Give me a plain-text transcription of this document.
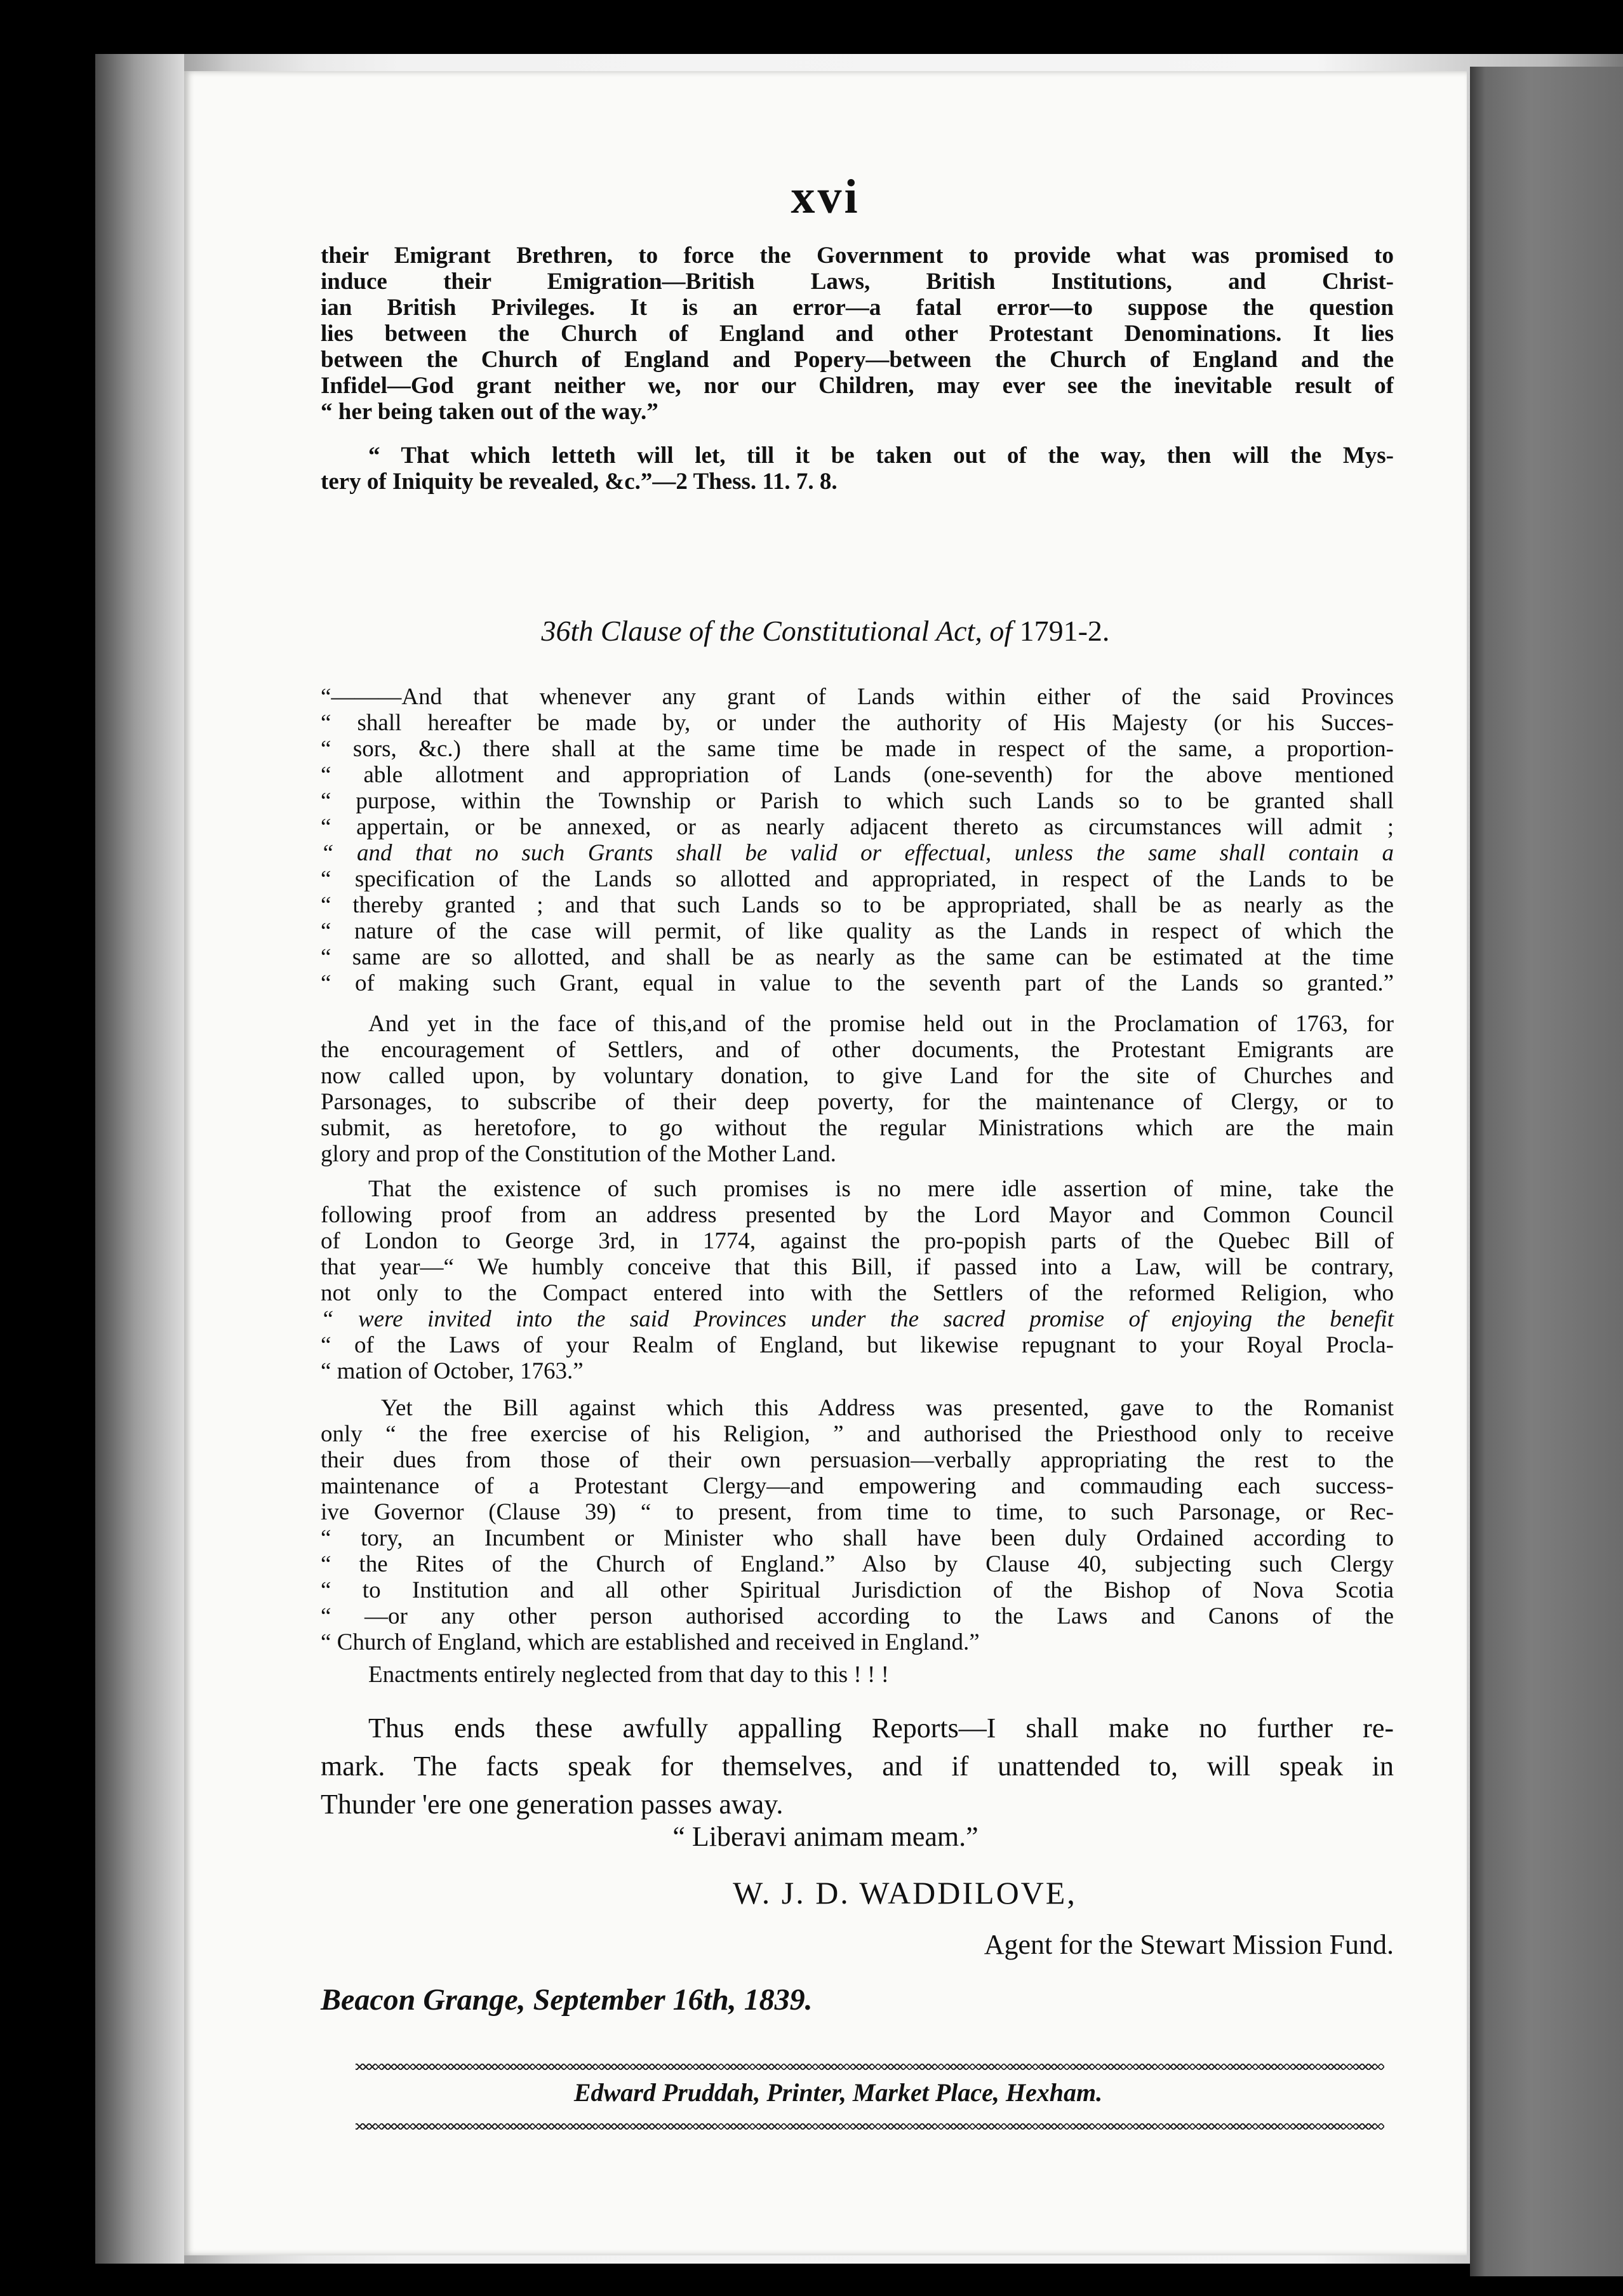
xvi

their Emigrant Brethren, to force the Government to provide what was promised to

induce their Emigration—British Laws, British Institutions, and Christ-

ian British Privileges. It is an error—a fatal error—to suppose the question

lies between the Church of England and other Protestant Denominations. It lies

between the Church of England and Popery—between the Church of England and the

Infidel—God grant neither we, nor our Children, may ever see the inevitable result of

“ her being taken out of the way.”

“ That which letteth will let, till it be taken out of the way, then will the Mys-

tery of Iniquity be revealed, &c.”—2 Thess. 11. 7. 8.

36th Clause of the Constitutional Act, of 1791-2.

“———And that whenever any grant of Lands within either of the said Provinces

“ shall hereafter be made by, or under the authority of His Majesty (or his Succes-

“ sors, &c.) there shall at the same time be made in respect of the same, a proportion-

“ able allotment and appropriation of Lands (one-seventh) for the above mentioned

“ purpose, within the Township or Parish to which such Lands so to be granted shall

“ appertain, or be annexed, or as nearly adjacent thereto as circumstances will admit ;

“ and that no such Grants shall be valid or effectual, unless the same shall contain a

“ specification of the Lands so allotted and appropriated, in respect of the Lands to be

“ thereby granted ; and that such Lands so to be appropriated, shall be as nearly as the

“ nature of the case will permit, of like quality as the Lands in respect of which the

“ same are so allotted, and shall be as nearly as the same can be estimated at the time

“ of making such Grant, equal in value to the seventh part of the Lands so granted.”

And yet in the face of this,and of the promise held out in the Proclamation of 1763, for

the encouragement of Settlers, and of other documents, the Protestant Emigrants are

now called upon, by voluntary donation, to give Land for the site of Churches and

Parsonages, to subscribe of their deep poverty, for the maintenance of Clergy, or to

submit, as heretofore, to go without the regular Ministrations which are the main

glory and prop of the Constitution of the Mother Land.

That the existence of such promises is no mere idle assertion of mine, take the

following proof from an address presented by the Lord Mayor and Common Council

of London to George 3rd, in 1774, against the pro-popish parts of the Quebec Bill of

that year—“ We humbly conceive that this Bill, if passed into a Law, will be contrary,

not only to the Compact entered into with the Settlers of the reformed Religion, who

“ were invited into the said Provinces under the sacred promise of enjoying the benefit

“ of the Laws of your Realm of England, but likewise repugnant to your Royal Procla-

“ mation of October, 1763.”

Yet the Bill against which this Address was presented, gave to the Romanist

only “ the free exercise of his Religion, ” and authorised the Priesthood only to receive

their dues from those of their own persuasion—verbally appropriating the rest to the

maintenance of a Protestant Clergy—and empowering and commauding each success-

ive Governor (Clause 39) “ to present, from time to time, to such Parsonage, or Rec-

“ tory, an Incumbent or Minister who shall have been duly Ordained according to

“ the Rites of the Church of England.” Also by Clause 40, subjecting such Clergy

“ to Institution and all other Spiritual Jurisdiction of the Bishop of Nova Scotia

“ —or any other person authorised according to the Laws and Canons of the

“ Church of England, which are established and received in England.”

Enactments entirely neglected from that day to this ! ! !

Thus ends these awfully appalling Reports—I shall make no further re-

mark. The facts speak for themselves, and if unattended to, will speak in

Thunder 'ere one generation passes away.

“ Liberavi animam meam.”
W. J. D. WADDILOVE,
Agent for the Stewart Mission Fund.
Beacon Grange, September 16th, 1839.
Edward Pruddah, Printer, Market Place, Hexham.
